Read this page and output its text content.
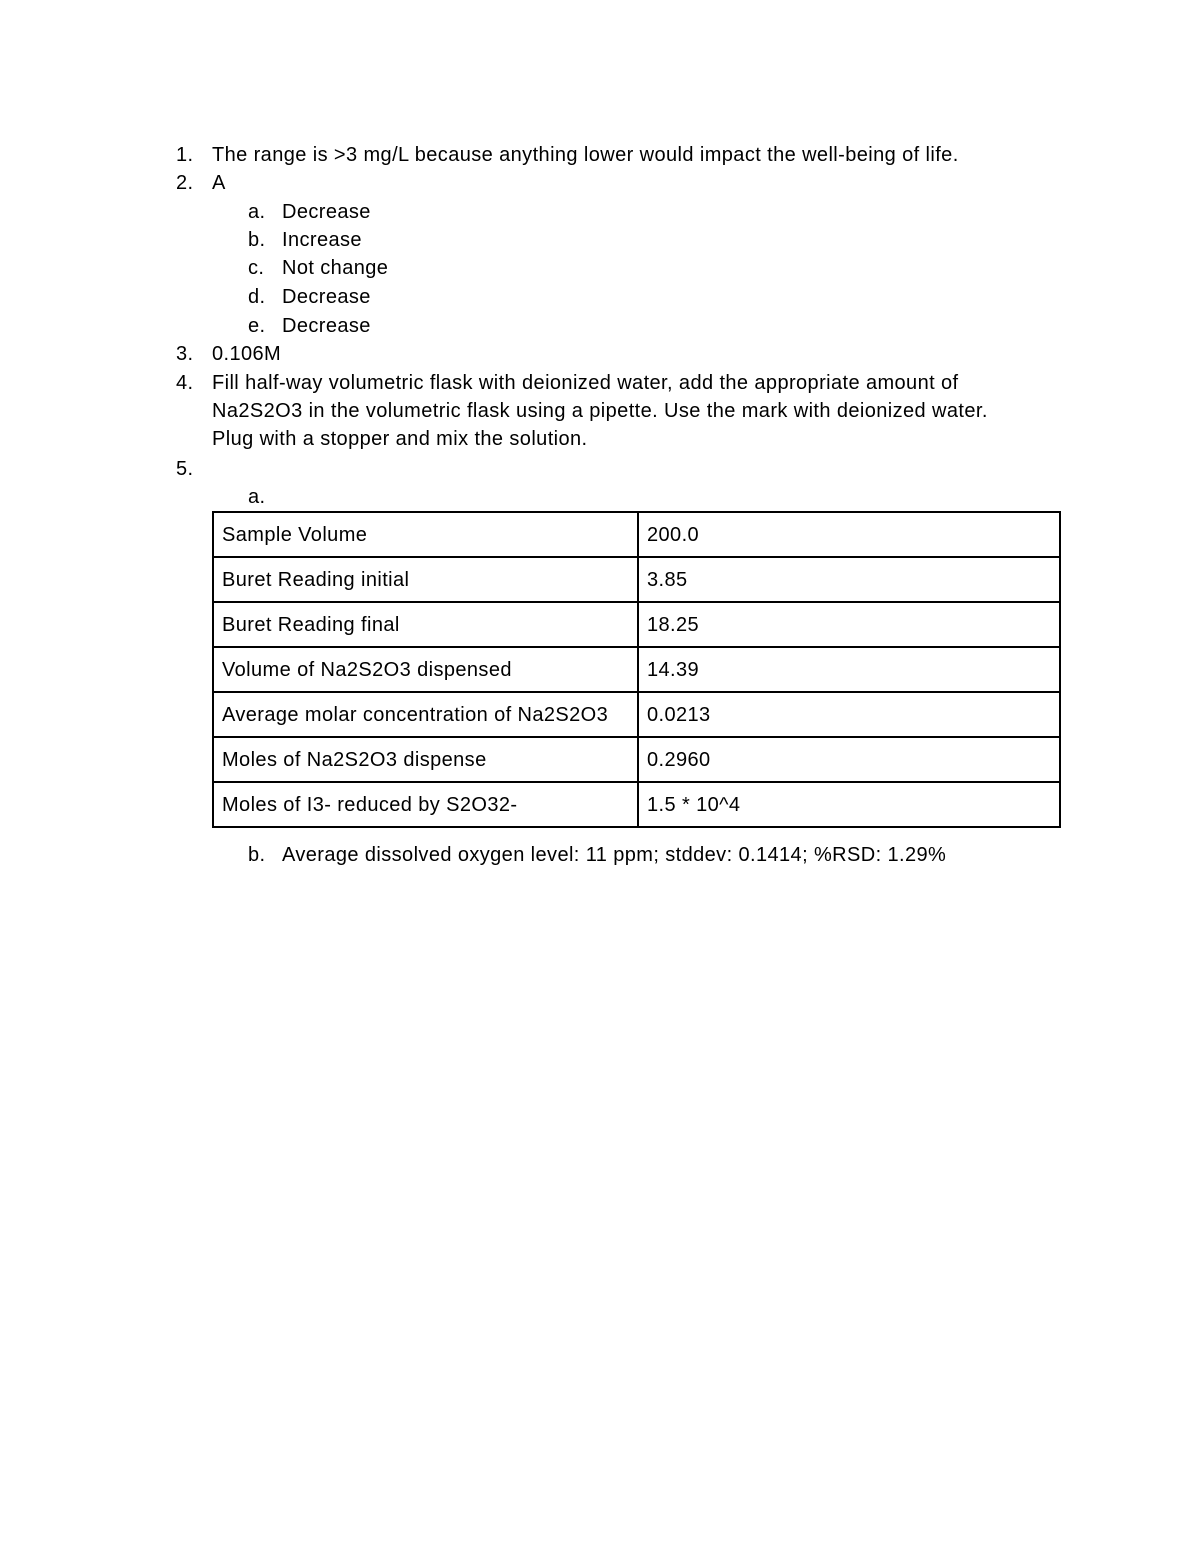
1. The range is >3 mg/L because anything lower would impact the well-being of life.
2. A
a. Decrease
b. Increase
c. Not change
d. Decrease
e. Decrease
3. 0.106M
4. Fill half-way volumetric flask with deionized water, add the appropriate amount of
Na2S2O3 in the volumetric flask using a pipette. Use the mark with deionized water.
Plug with a stopper and mix the solution.
5.
a.
Sample Volume	200.0
Buret Reading initial	3.85
Buret Reading final	18.25
Volume of Na2S2O3 dispensed	14.39
Average molar concentration of Na2S2O3	0.0213
Moles of Na2S2O3 dispense	0.2960
Moles of I3- reduced by S2O32-	1.5 * 10^4
b. Average dissolved oxygen level: 11 ppm; stddev: 0.1414; %RSD: 1.29%
